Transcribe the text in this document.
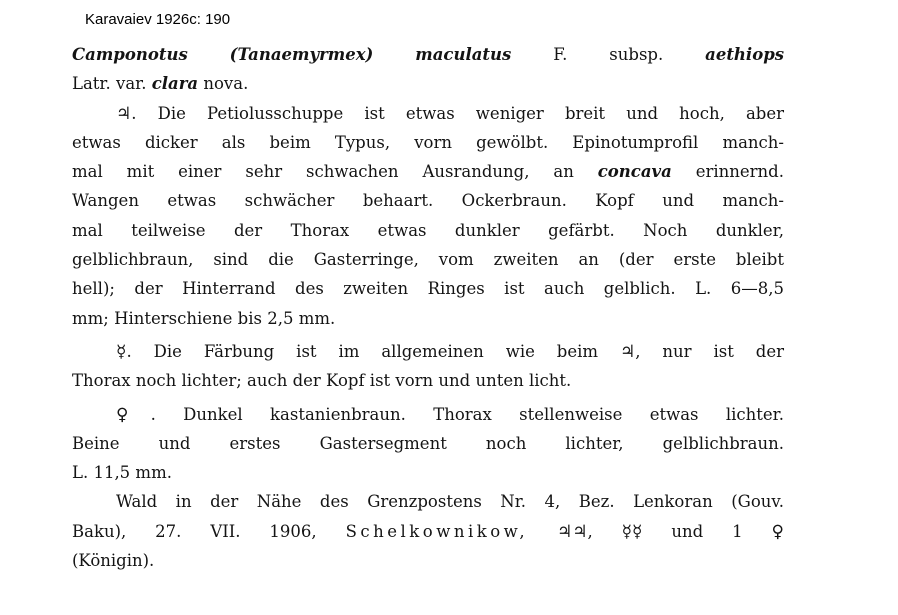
Karavaiev 1926c: 190

Camponotus	(Tanaemyrmex)	maculatus	F.	subsp.	aethiops
Latr. var. clara nova.

♃. Die Petiolusschuppe ist etwas weniger breit und hoch, aber
etwas dicker als beim Typus, vorn gewölbt. Epinotumprofil manch-
mal mit einer sehr schwachen Ausrandung, an concava erinnernd.
Wangen etwas schwächer behaart. Ockerbraun. Kopf und manch-
mal teilweise der Thorax etwas dunkler gefärbt. Noch dunkler,
gelblichbraun, sind die Gasterringe, vom zweiten an (der erste bleibt
hell); der Hinterrand des zweiten Ringes ist auch gelblich. L. 6—8,5
mm; Hinterschiene bis 2,5 mm.

☿. Die Färbung ist im allgemeinen wie beim ♃, nur ist der
Thorax noch lichter; auch der Kopf ist vorn und unten licht.

♀. Dunkel kastanienbraun. Thorax stellenweise etwas lichter.
Beine und erstes Gastersegment noch lichter, gelblichbraun.
L. 11,5 mm.

Wald in der Nähe des Grenzpostens Nr. 4, Bez. Lenkoran (Gouv.
Baku), 27. VII. 1906, Schelkownikow, ♃♃, ☿☿ und 1 ♀
(Königin).
